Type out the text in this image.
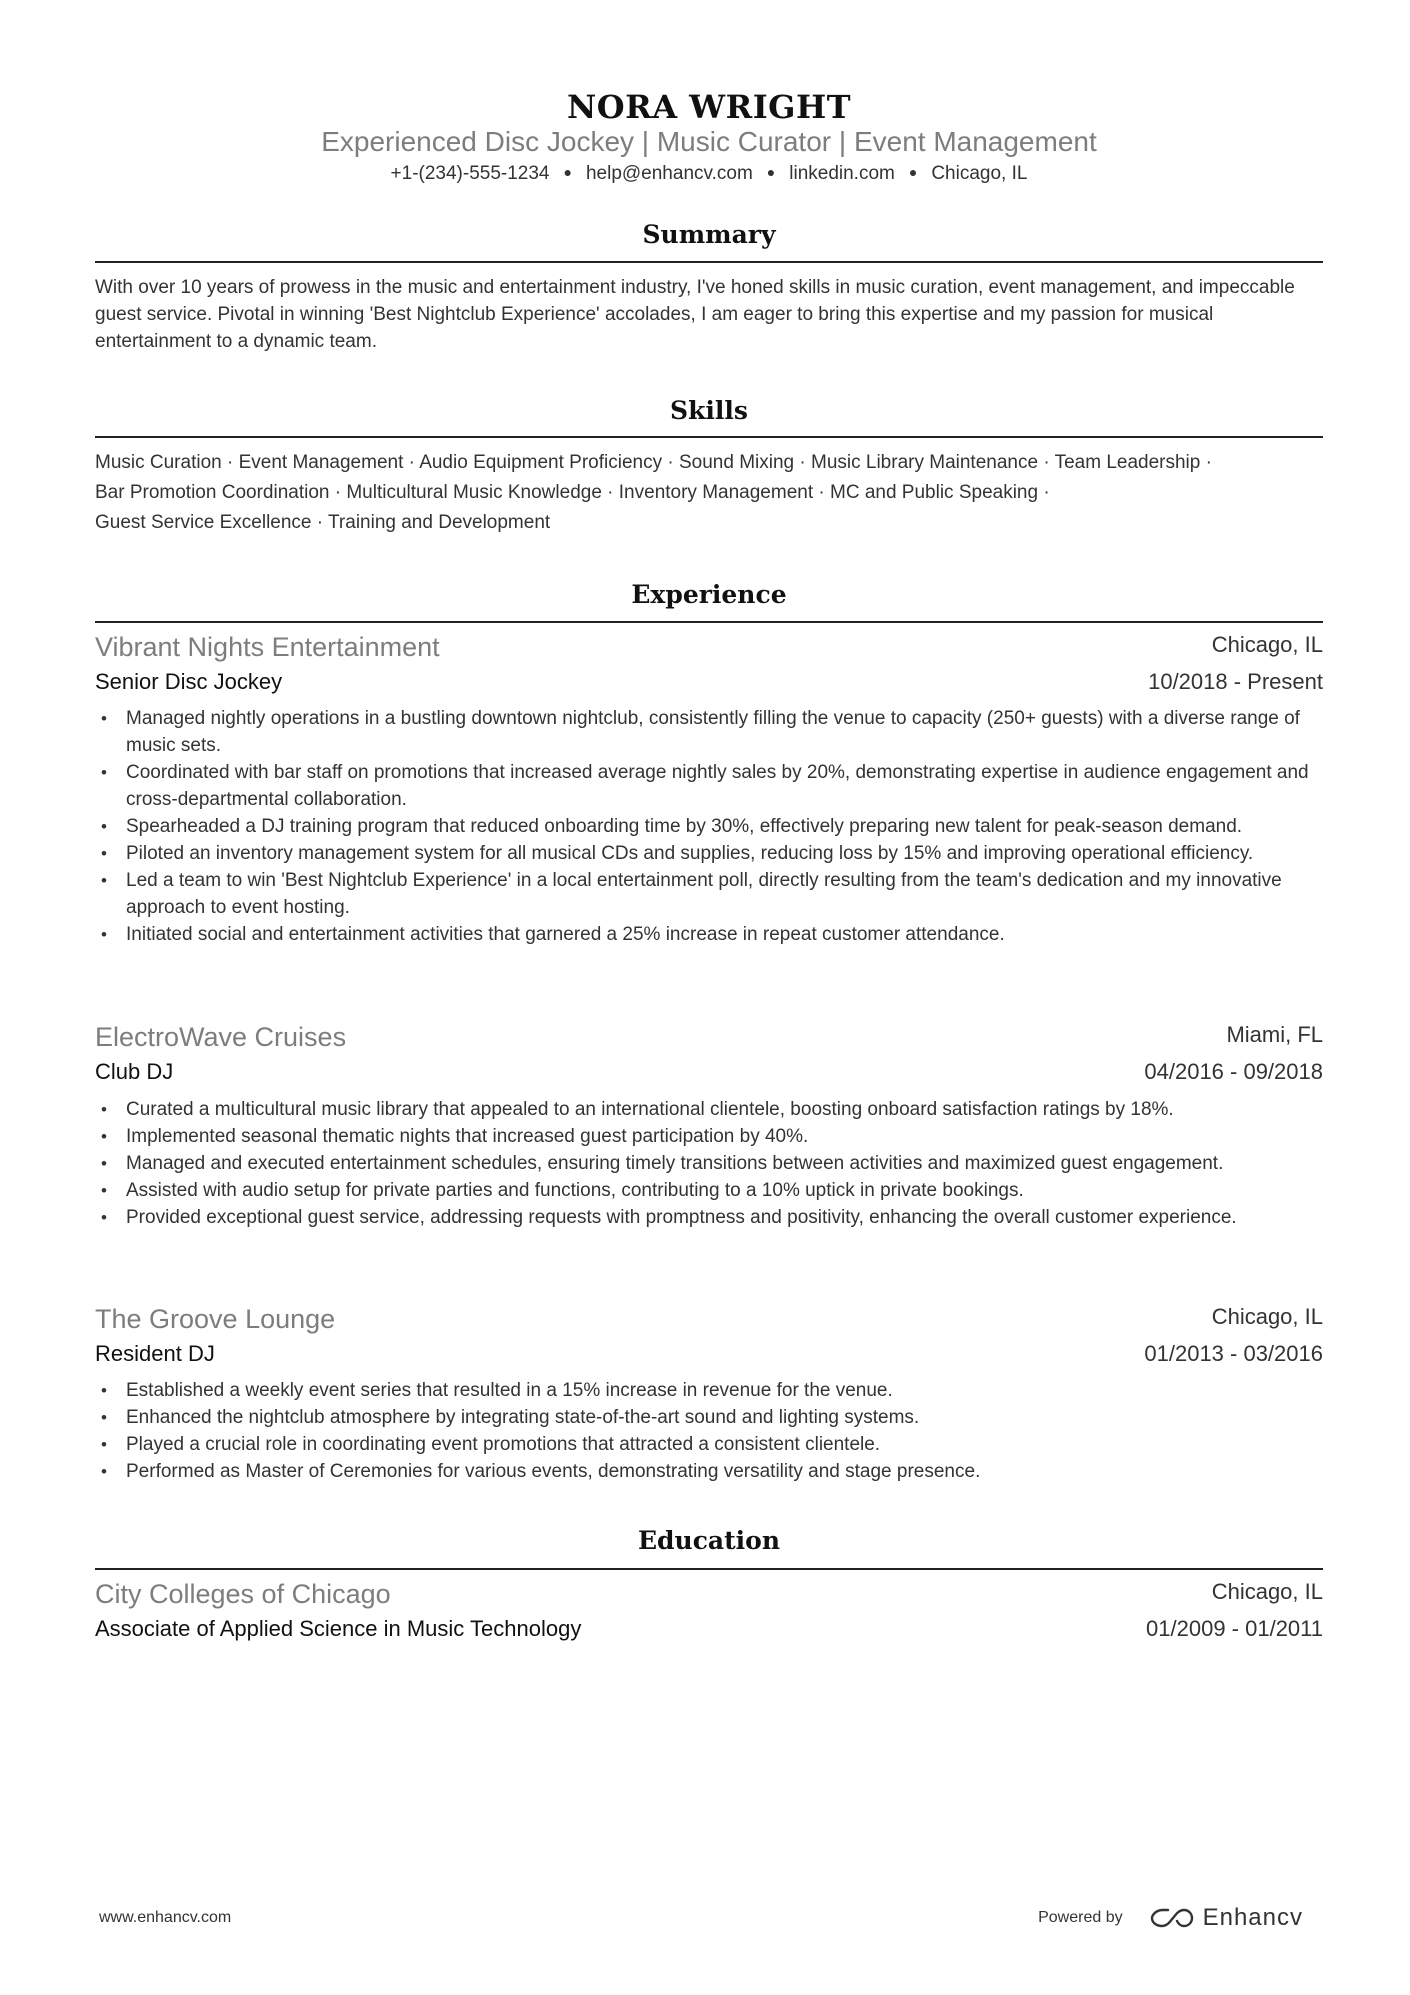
NORA WRIGHT
Experienced Disc Jockey | Music Curator | Event Management
+1-(234)-555-1234 ● help@enhancv.com ● linkedin.com ● Chicago, IL
Summary
With over 10 years of prowess in the music and entertainment industry, I've honed skills in music curation, event management, and impeccable guest service. Pivotal in winning 'Best Nightclub Experience' accolades, I am eager to bring this expertise and my passion for musical entertainment to a dynamic team.
Skills
Music Curation · Event Management · Audio Equipment Proficiency · Sound Mixing · Music Library Maintenance · Team Leadership ·
Bar Promotion Coordination · Multicultural Music Knowledge · Inventory Management · MC and Public Speaking ·
Guest Service Excellence · Training and Development
Experience
Vibrant Nights Entertainment	Chicago, IL
Senior Disc Jockey	10/2018 - Present
• Managed nightly operations in a bustling downtown nightclub, consistently filling the venue to capacity (250+ guests) with a diverse range of music sets.
• Coordinated with bar staff on promotions that increased average nightly sales by 20%, demonstrating expertise in audience engagement and cross-departmental collaboration.
• Spearheaded a DJ training program that reduced onboarding time by 30%, effectively preparing new talent for peak-season demand.
• Piloted an inventory management system for all musical CDs and supplies, reducing loss by 15% and improving operational efficiency.
• Led a team to win 'Best Nightclub Experience' in a local entertainment poll, directly resulting from the team's dedication and my innovative approach to event hosting.
• Initiated social and entertainment activities that garnered a 25% increase in repeat customer attendance.
ElectroWave Cruises	Miami, FL
Club DJ	04/2016 - 09/2018
• Curated a multicultural music library that appealed to an international clientele, boosting onboard satisfaction ratings by 18%.
• Implemented seasonal thematic nights that increased guest participation by 40%.
• Managed and executed entertainment schedules, ensuring timely transitions between activities and maximized guest engagement.
• Assisted with audio setup for private parties and functions, contributing to a 10% uptick in private bookings.
• Provided exceptional guest service, addressing requests with promptness and positivity, enhancing the overall customer experience.
The Groove Lounge	Chicago, IL
Resident DJ	01/2013 - 03/2016
• Established a weekly event series that resulted in a 15% increase in revenue for the venue.
• Enhanced the nightclub atmosphere by integrating state-of-the-art sound and lighting systems.
• Played a crucial role in coordinating event promotions that attracted a consistent clientele.
• Performed as Master of Ceremonies for various events, demonstrating versatility and stage presence.
Education
City Colleges of Chicago	Chicago, IL
Associate of Applied Science in Music Technology	01/2009 - 01/2011
www.enhancv.com	Powered by	Enhancv
